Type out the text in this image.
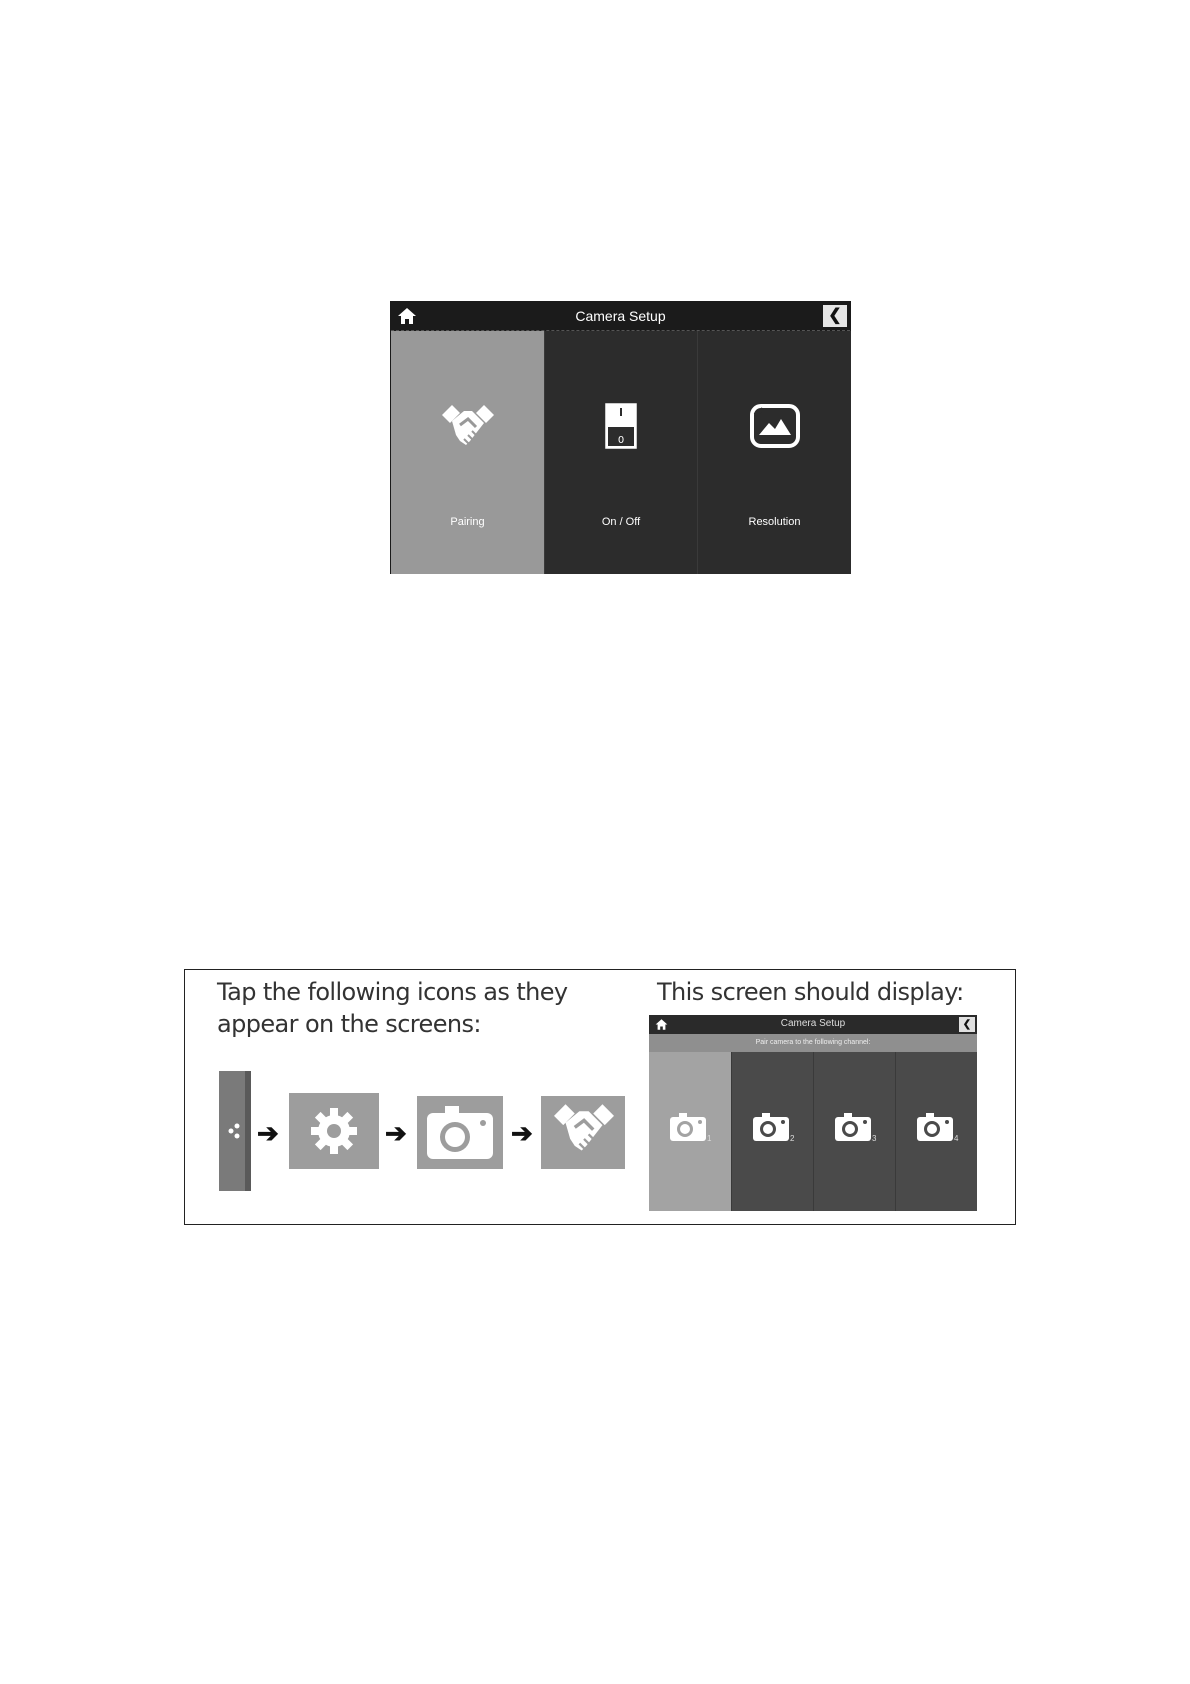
Camera Setup	❮
Pairing
0
On / Off	Resolution
Tap the following icons as they appear on the screens:
This screen should display:
➔	➔	➔
Camera Setup	❮
Pair camera to the following channel:
1	2	3	4
